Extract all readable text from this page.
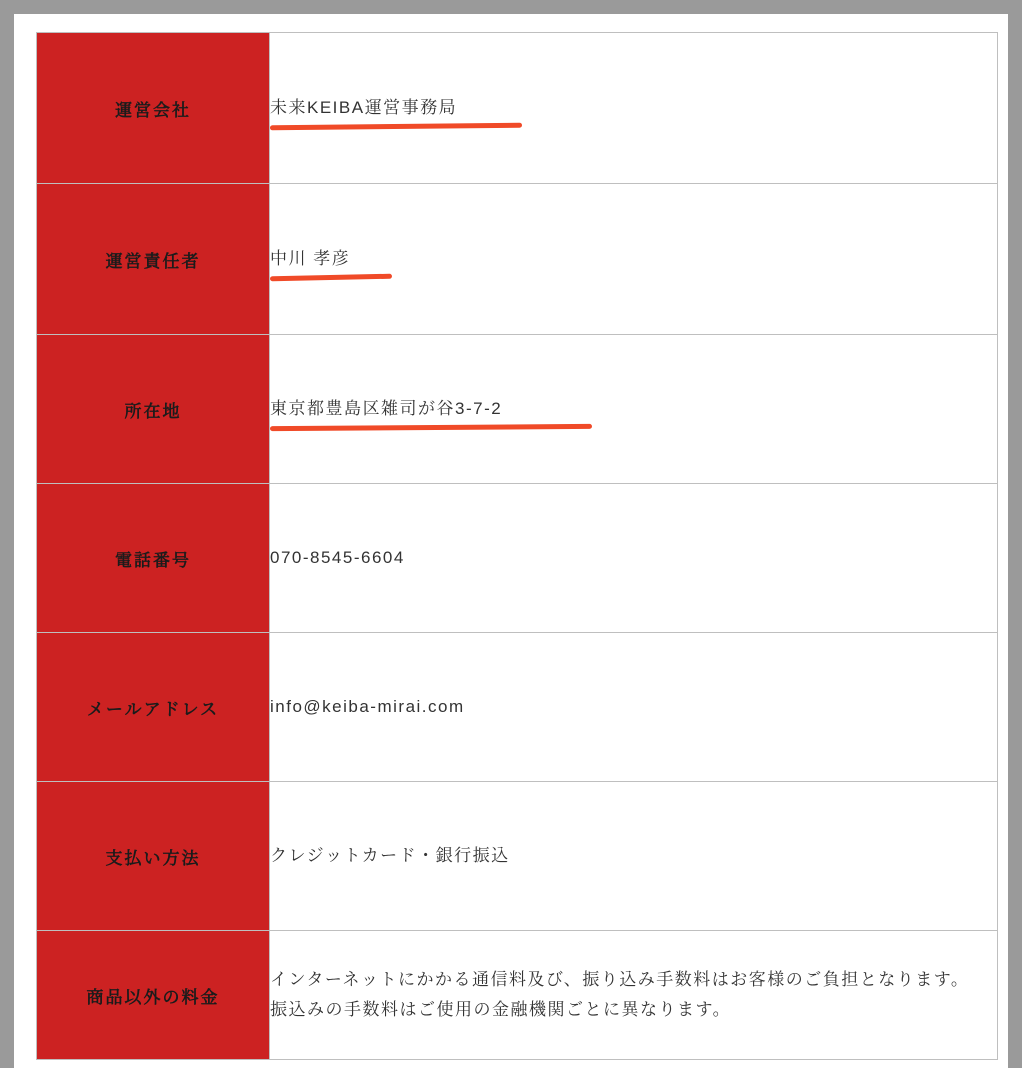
運営会社	未来KEIBA運営事務局

運営責任者	中川 孝彦

所在地	東京都豊島区雑司が谷3-7-2

電話番号	070-8545-6604
メールアドレス	info@keiba-mirai.com
支払い方法	クレジットカード・銀行振込
商品以外の料金	インターネットにかかる通信料及び、振り込み手数料はお客様のご負担となります。振込みの手数料はご使用の金融機関ごとに異なります。
